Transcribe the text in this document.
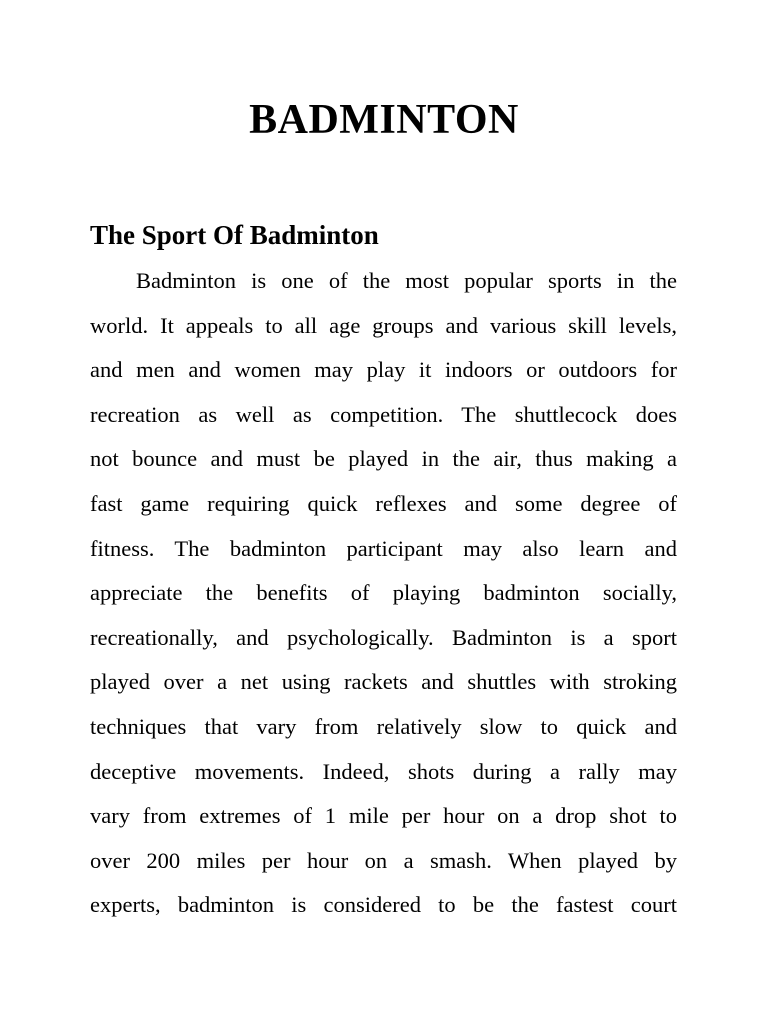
BADMINTON
The Sport Of Badminton

Badminton is one of the most popular sports in the
world. It appeals to all age groups and various skill levels,
and men and women may play it indoors or outdoors for
recreation as well as competition. The shuttlecock does
not bounce and must be played in the air, thus making a
fast game requiring quick reflexes and some degree of
fitness. The badminton participant may also learn and
appreciate the benefits of playing badminton socially,
recreationally, and psychologically. Badminton is a sport
played over a net using rackets and shuttles with stroking
techniques that vary from relatively slow to quick and
deceptive movements. Indeed, shots during a rally may
vary from extremes of 1 mile per hour on a drop shot to
over 200 miles per hour on a smash. When played by
experts, badminton is considered to be the fastest court
